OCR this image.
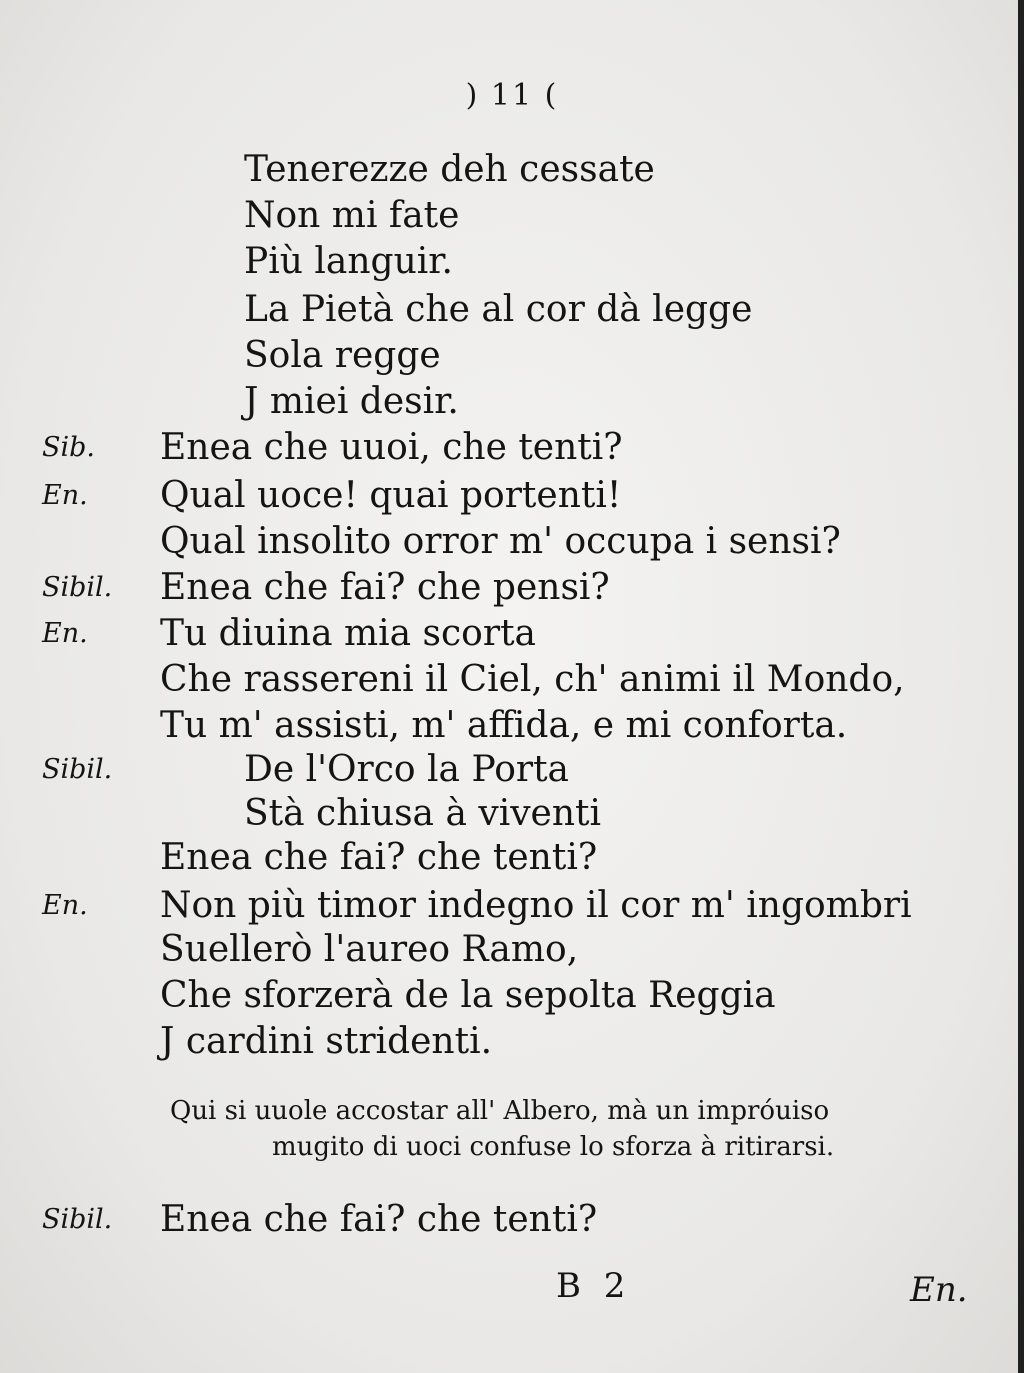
) 11 (
Tenerezze deh cessate
Non mi fate
Più languir.
La Pietà che al cor dà legge
Sola regge
J miei desir.
Sib. Enea che uuoi, che tenti?
En. Qual uoce! quai portenti!
Qual insolito orror m' occupa i sensi?
Sibil. Enea che fai? che pensi?
En. Tu diuina mia scorta
Che rassereni il Ciel, ch' animi il Mondo,
Tu m' assisti, m' affida, e mi conforta.
Sibil.	De l'Orco la Porta
Stà chiusa à viventi
Enea che fai? che tenti?
En. Non più timor indegno il cor m' ingombri
Suellerò l'aureo Ramo,
Che sforzerà de la sepolta Reggia
J cardini stridenti.
Qui si uuole accostar all' Albero, mà un impróuiso
mugito di uoci confuse lo sforza à ritirarsi.
Sibil. Enea che fai? che tenti?
B 2	En.
